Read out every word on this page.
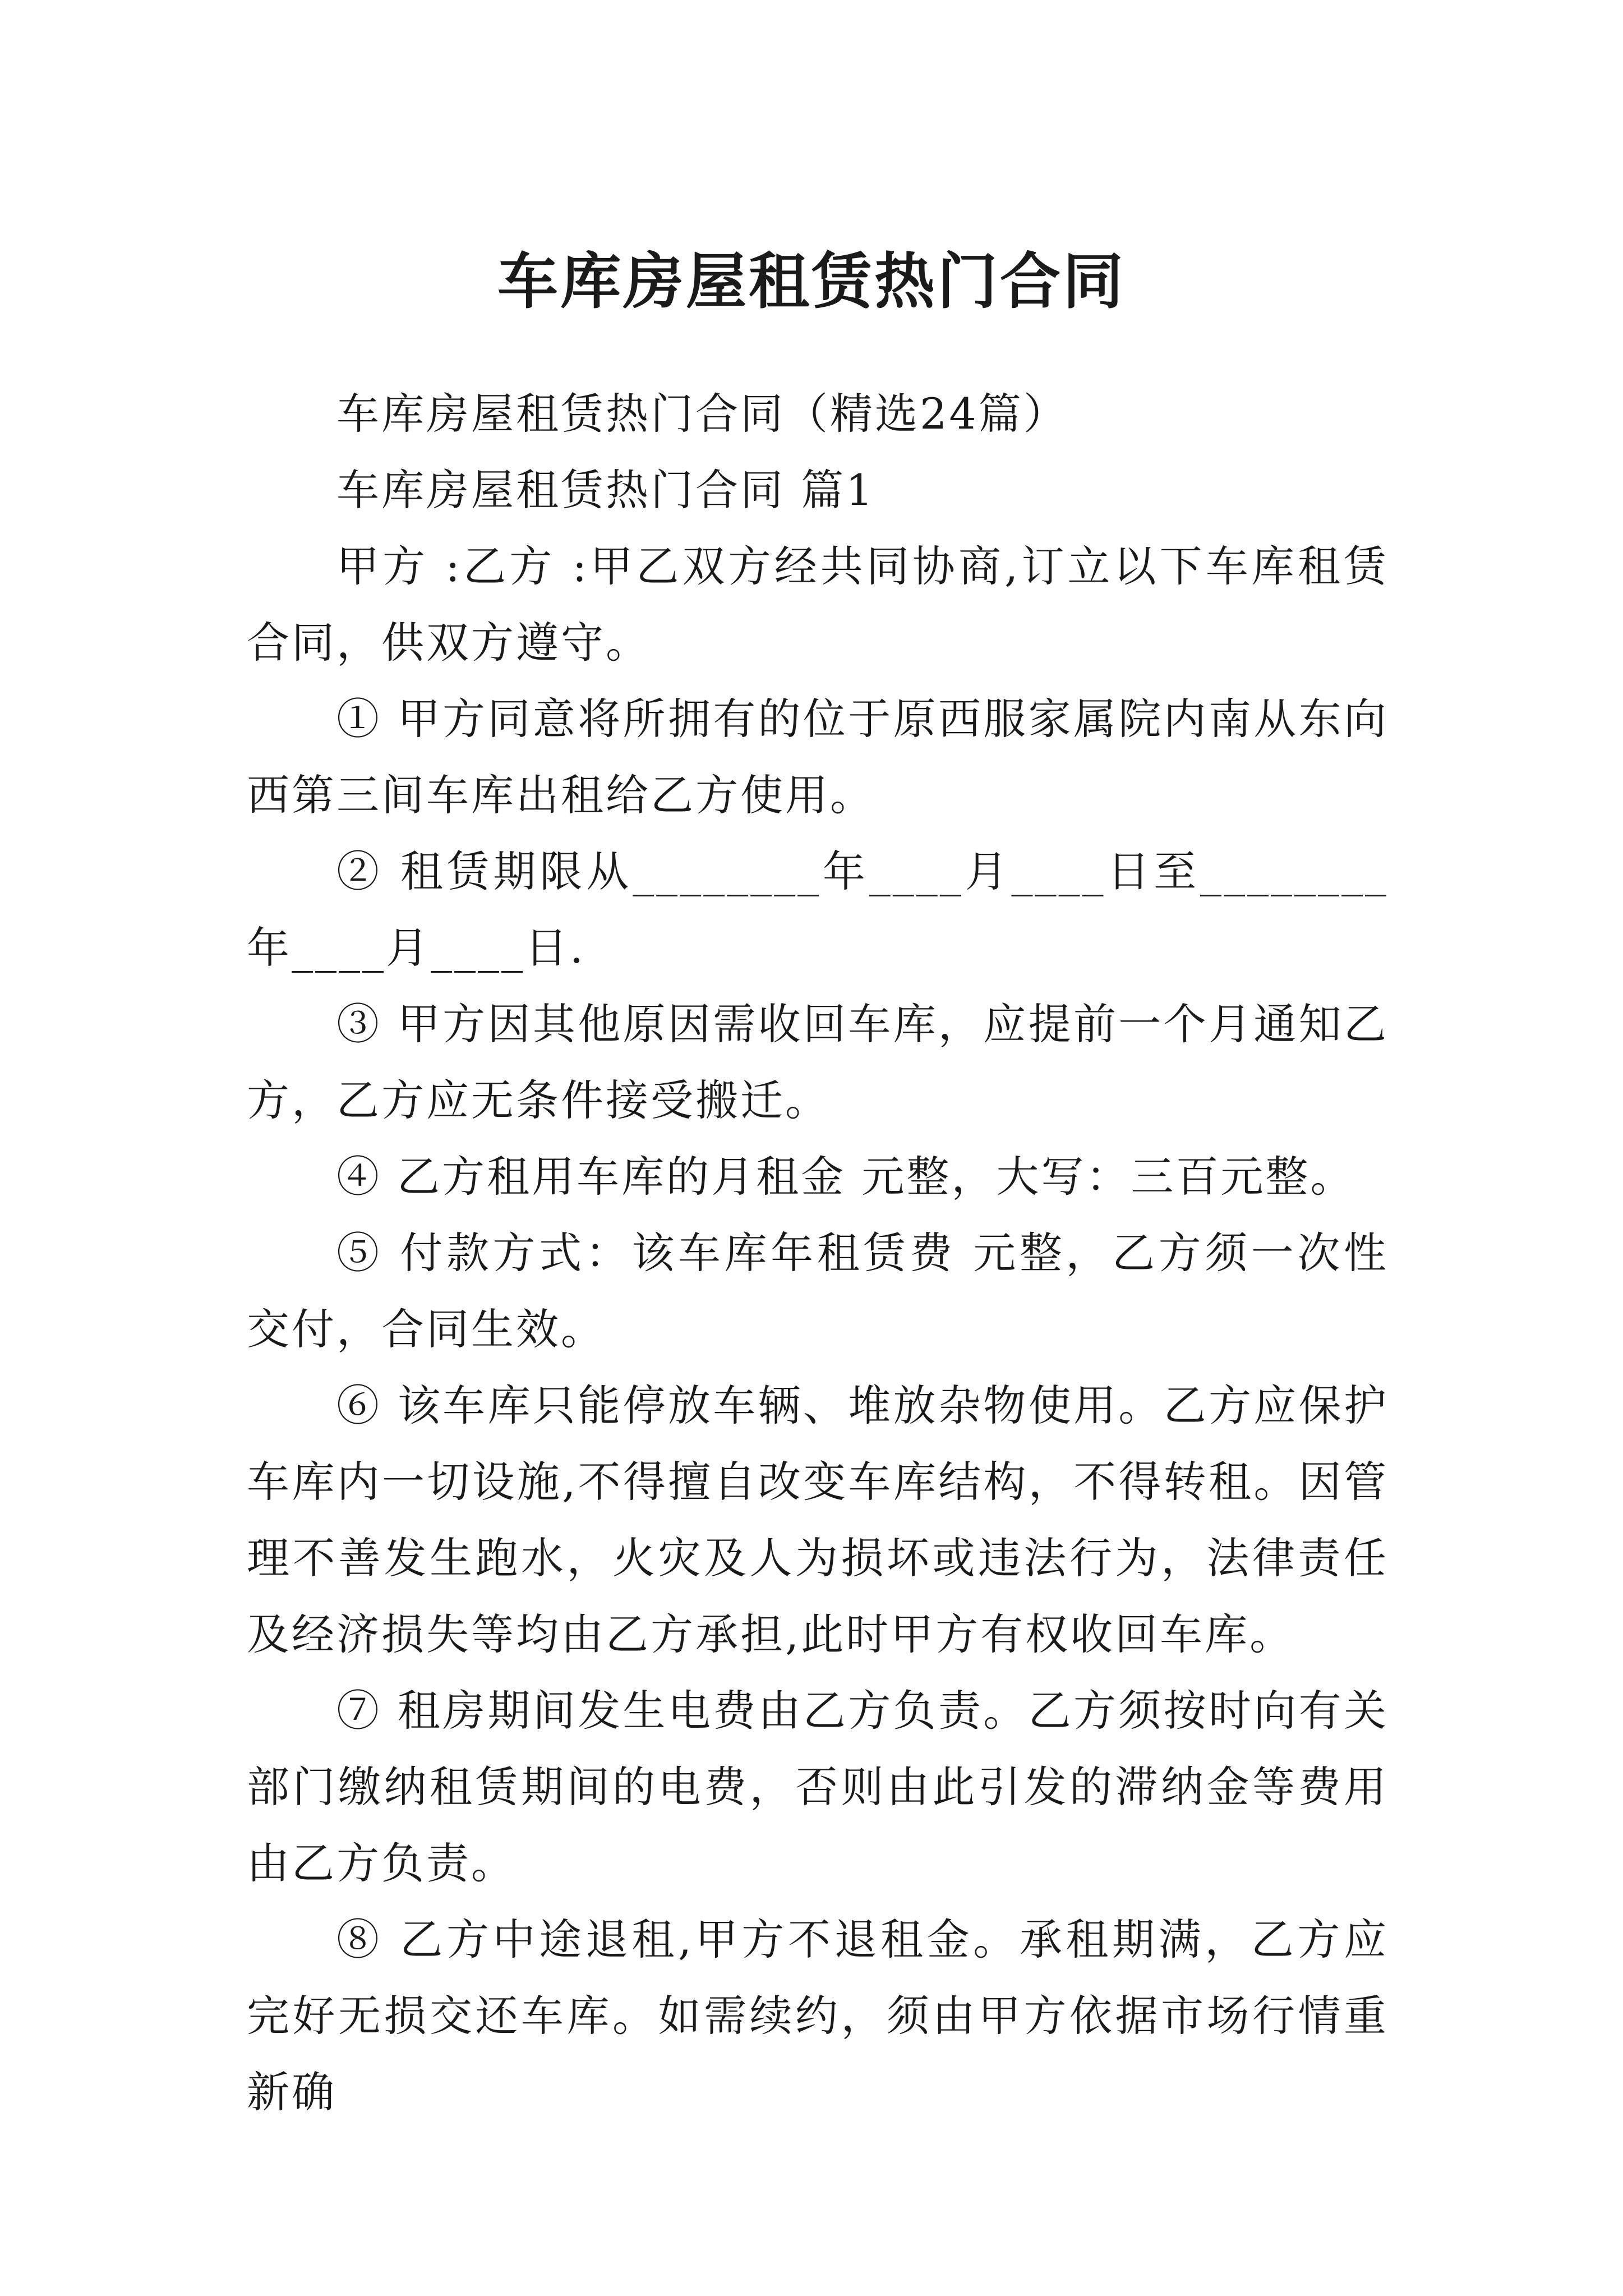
车库房屋租赁热门合同

车库房屋租赁热门合同（精选24篇）

车库房屋租赁热门合同 篇1

甲方 :乙方 :甲乙双方经共同协商,订立以下车库租赁合同，供双方遵守。

① 甲方同意将所拥有的位于原西服家属院内南从东向西第三间车库出租给乙方使用。

② 租赁期限从________年____月____日至________年____月____日.

③ 甲方因其他原因需收回车库，应提前一个月通知乙方，乙方应无条件接受搬迁。

④ 乙方租用车库的月租金 元整，大写：三百元整。

⑤ 付款方式：该车库年租赁费 元整，乙方须一次性交付，合同生效。

⑥ 该车库只能停放车辆、堆放杂物使用。乙方应保护车库内一切设施,不得擅自改变车库结构，不得转租。因管理不善发生跑水，火灾及人为损坏或违法行为，法律责任及经济损失等均由乙方承担,此时甲方有权收回车库。

⑦ 租房期间发生电费由乙方负责。乙方须按时向有关部门缴纳租赁期间的电费，否则由此引发的滞纳金等费用由乙方负责。

⑧ 乙方中途退租,甲方不退租金。承租期满，乙方应完好无损交还车库。如需续约，须由甲方依据市场行情重新确
